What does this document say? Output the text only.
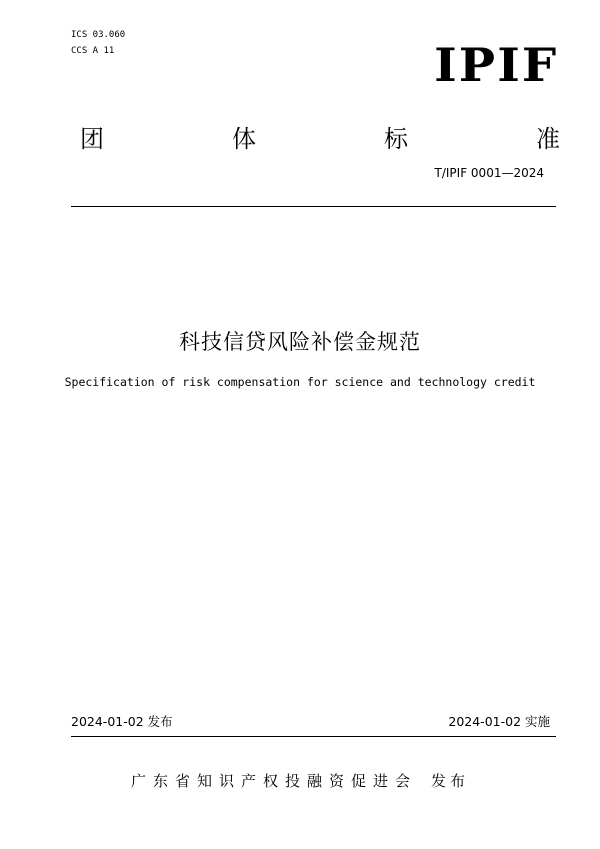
ICS 03.060
CCS A 11	IPIF
团	体	标	准
T/IPIF 0001—2024
科技信贷风险补偿金规范
Specification of risk compensation for science and technology credit
2024-01-02 发布	2024-01-02 实施
广东省知识产权投融资促进会 发布
